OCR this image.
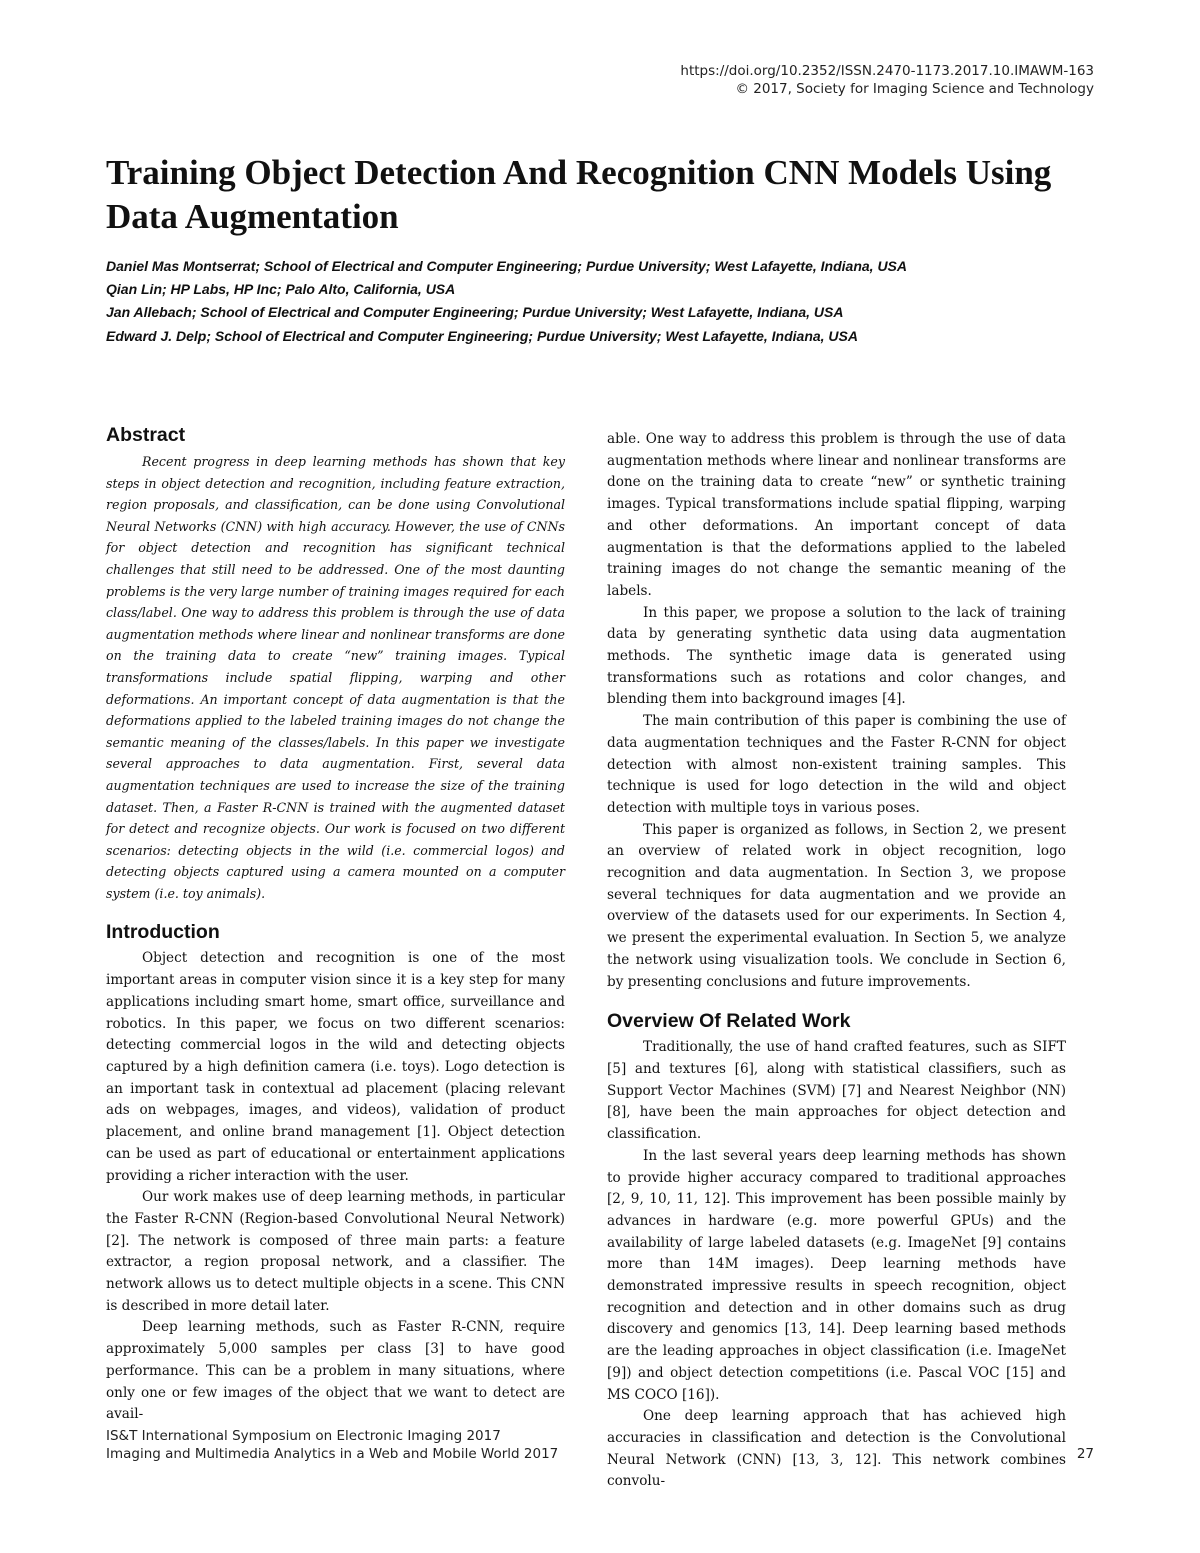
https://doi.org/10.2352/ISSN.2470-1173.2017.10.IMAWM-163
© 2017, Society for Imaging Science and Technology
Training Object Detection And Recognition CNN Models Using Data Augmentation
Daniel Mas Montserrat; School of Electrical and Computer Engineering; Purdue University; West Lafayette, Indiana, USA
Qian Lin; HP Labs, HP Inc; Palo Alto, California, USA
Jan Allebach; School of Electrical and Computer Engineering; Purdue University; West Lafayette, Indiana, USA
Edward J. Delp; School of Electrical and Computer Engineering; Purdue University; West Lafayette, Indiana, USA
Abstract

Recent progress in deep learning methods has shown that key steps in object detection and recognition, including feature extraction, region proposals, and classification, can be done using Convolutional Neural Networks (CNN) with high accuracy. However, the use of CNNs for object detection and recognition has significant technical challenges that still need to be addressed. One of the most daunting problems is the very large number of training images required for each class/label. One way to address this problem is through the use of data augmentation methods where linear and nonlinear transforms are done on the training data to create “new” training images. Typical transformations include spatial flipping, warping and other deformations. An important concept of data augmentation is that the deformations applied to the labeled training images do not change the semantic meaning of the classes/labels. In this paper we investigate several approaches to data augmentation. First, several data augmentation techniques are used to increase the size of the training dataset. Then, a Faster R-CNN is trained with the augmented dataset for detect and recognize objects. Our work is focused on two different scenarios: detecting objects in the wild (i.e. commercial logos) and detecting objects captured using a camera mounted on a computer system (i.e. toy animals).

Introduction

Object detection and recognition is one of the most important areas in computer vision since it is a key step for many applications including smart home, smart office, surveillance and robotics. In this paper, we focus on two different scenarios: detecting commercial logos in the wild and detecting objects captured by a high definition camera (i.e. toys). Logo detection is an important task in contextual ad placement (placing relevant ads on webpages, images, and videos), validation of product placement, and online brand management [1]. Object detection can be used as part of educational or entertainment applications providing a richer interaction with the user.

Our work makes use of deep learning methods, in particular the Faster R-CNN (Region-based Convolutional Neural Network) [2]. The network is composed of three main parts: a feature extractor, a region proposal network, and a classifier. The network allows us to detect multiple objects in a scene. This CNN is described in more detail later.

Deep learning methods, such as Faster R-CNN, require approximately 5,000 samples per class [3] to have good performance. This can be a problem in many situations, where only one or few images of the object that we want to detect are avail-

able. One way to address this problem is through the use of data augmentation methods where linear and nonlinear transforms are done on the training data to create “new” or synthetic training images. Typical transformations include spatial flipping, warping and other deformations. An important concept of data augmentation is that the deformations applied to the labeled training images do not change the semantic meaning of the labels.

In this paper, we propose a solution to the lack of training data by generating synthetic data using data augmentation methods. The synthetic image data is generated using transformations such as rotations and color changes, and blending them into background images [4].

The main contribution of this paper is combining the use of data augmentation techniques and the Faster R-CNN for object detection with almost non-existent training samples. This technique is used for logo detection in the wild and object detection with multiple toys in various poses.

This paper is organized as follows, in Section 2, we present an overview of related work in object recognition, logo recognition and data augmentation. In Section 3, we propose several techniques for data augmentation and we provide an overview of the datasets used for our experiments. In Section 4, we present the experimental evaluation. In Section 5, we analyze the network using visualization tools. We conclude in Section 6, by presenting conclusions and future improvements.

Overview Of Related Work

Traditionally, the use of hand crafted features, such as SIFT [5] and textures [6], along with statistical classifiers, such as Support Vector Machines (SVM) [7] and Nearest Neighbor (NN) [8], have been the main approaches for object detection and classification.

In the last several years deep learning methods has shown to provide higher accuracy compared to traditional approaches [2, 9, 10, 11, 12]. This improvement has been possible mainly by advances in hardware (e.g. more powerful GPUs) and the availability of large labeled datasets (e.g. ImageNet [9] contains more than 14M images). Deep learning methods have demonstrated impressive results in speech recognition, object recognition and detection and in other domains such as drug discovery and genomics [13, 14]. Deep learning based methods are the leading approaches in object classification (i.e. ImageNet [9]) and object detection competitions (i.e. Pascal VOC [15] and MS COCO [16]).

One deep learning approach that has achieved high accuracies in classification and detection is the Convolutional Neural Network (CNN) [13, 3, 12]. This network combines convolu-

IS&T International Symposium on Electronic Imaging 2017
Imaging and Multimedia Analytics in a Web and Mobile World 2017	27
